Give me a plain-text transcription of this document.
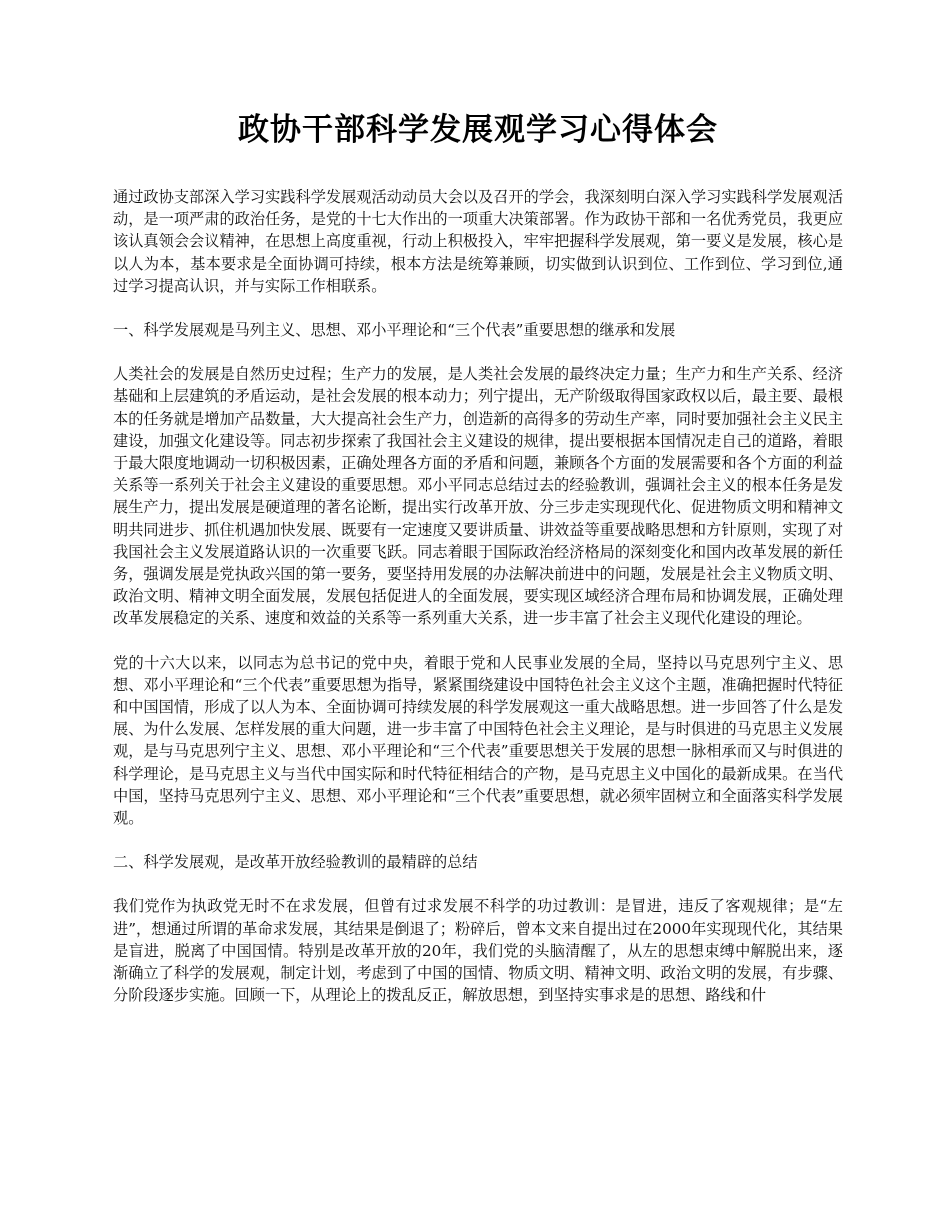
政协干部科学发展观学习心得体会

通过政协支部深入学习实践科学发展观活动动员大会以及召开的学会，我深刻明白深入学习实践科学发展观活动，是一项严肃的政治任务，是党的十七大作出的一项重大决策部署。作为政协干部和一名优秀党员，我更应该认真领会会议精神，在思想上高度重视，行动上积极投入，牢牢把握科学发展观，第一要义是发展，核心是以人为本，基本要求是全面协调可持续，根本方法是统筹兼顾，切实做到认识到位、工作到位、学习到位,通过学习提高认识，并与实际工作相联系。

一、科学发展观是马列主义、思想、邓小平理论和“三个代表”重要思想的继承和发展

人类社会的发展是自然历史过程；生产力的发展，是人类社会发展的最终决定力量；生产力和生产关系、经济基础和上层建筑的矛盾运动，是社会发展的根本动力；列宁提出，无产阶级取得国家政权以后，最主要、最根本的任务就是增加产品数量，大大提高社会生产力，创造新的高得多的劳动生产率，同时要加强社会主义民主建设，加强文化建设等。同志初步探索了我国社会主义建设的规律，提出要根据本国情况走自己的道路，着眼于最大限度地调动一切积极因素，正确处理各方面的矛盾和问题，兼顾各个方面的发展需要和各个方面的利益关系等一系列关于社会主义建设的重要思想。邓小平同志总结过去的经验教训，强调社会主义的根本任务是发展生产力，提出发展是硬道理的著名论断，提出实行改革开放、分三步走实现现代化、促进物质文明和精神文明共同进步、抓住机遇加快发展、既要有一定速度又要讲质量、讲效益等重要战略思想和方针原则，实现了对我国社会主义发展道路认识的一次重要飞跃。同志着眼于国际政治经济格局的深刻变化和国内改革发展的新任务，强调发展是党执政兴国的第一要务，要坚持用发展的办法解决前进中的问题，发展是社会主义物质文明、政治文明、精神文明全面发展，发展包括促进人的全面发展，要实现区域经济合理布局和协调发展，正确处理改革发展稳定的关系、速度和效益的关系等一系列重大关系，进一步丰富了社会主义现代化建设的理论。

党的十六大以来，以同志为总书记的党中央，着眼于党和人民事业发展的全局，坚持以马克思列宁主义、思想、邓小平理论和“三个代表”重要思想为指导，紧紧围绕建设中国特色社会主义这个主题，准确把握时代特征和中国国情，形成了以人为本、全面协调可持续发展的科学发展观这一重大战略思想。进一步回答了什么是发展、为什么发展、怎样发展的重大问题，进一步丰富了中国特色社会主义理论，是与时俱进的马克思主义发展观，是与马克思列宁主义、思想、邓小平理论和“三个代表”重要思想关于发展的思想一脉相承而又与时俱进的科学理论，是马克思主义与当代中国实际和时代特征相结合的产物，是马克思主义中国化的最新成果。在当代中国，坚持马克思列宁主义、思想、邓小平理论和“三个代表”重要思想，就必须牢固树立和全面落实科学发展观。

二、科学发展观，是改革开放经验教训的最精辟的总结

我们党作为执政党无时不在求发展，但曾有过求发展不科学的功过教训：是冒进，违反了客观规律；是“左进”，想通过所谓的革命求发展，其结果是倒退了；粉碎后，曾本文来自提出过在2000年实现现代化，其结果是盲进，脱离了中国国情。特别是改革开放的20年，我们党的头脑清醒了，从左的思想束缚中解脱出来，逐渐确立了科学的发展观，制定计划，考虑到了中国的国情、物质文明、精神文明、政治文明的发展，有步骤、分阶段逐步实施。回顾一下，从理论上的拨乱反正，解放思想，到坚持实事求是的思想、路线和什
